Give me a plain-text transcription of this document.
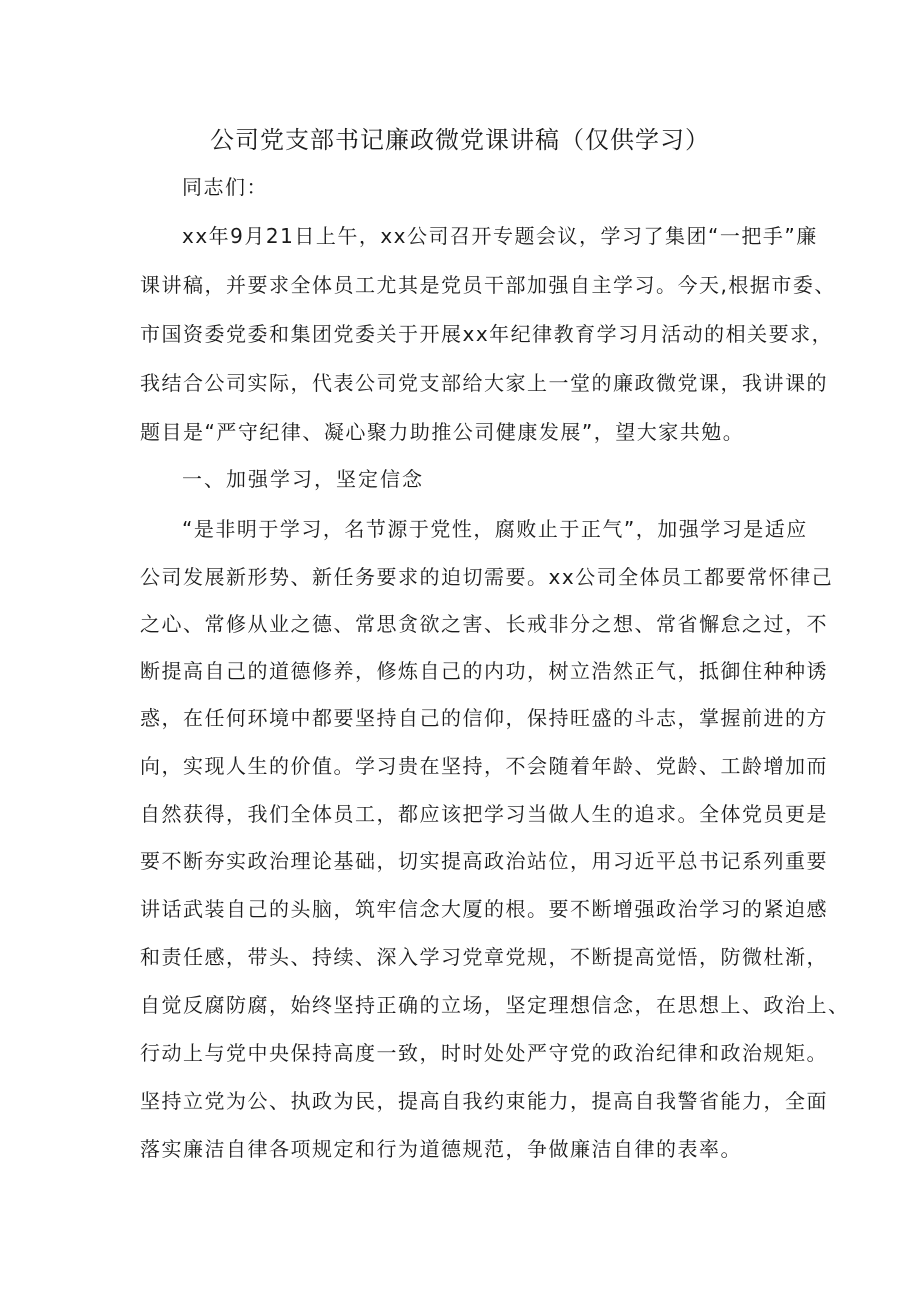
公司党支部书记廉政微党课讲稿（仅供学习）
同志们：
xx年9月21日上午，xx公司召开专题会议，学习了集团“一把手”廉
课讲稿，并要求全体员工尤其是党员干部加强自主学习。今天,根据市委、
市国资委党委和集团党委关于开展xx年纪律教育学习月活动的相关要求，
我结合公司实际，代表公司党支部给大家上一堂的廉政微党课，我讲课的
题目是“严守纪律、凝心聚力助推公司健康发展”，望大家共勉。
一、加强学习，坚定信念
“是非明于学习，名节源于党性，腐败止于正气”，加强学习是适应
公司发展新形势、新任务要求的迫切需要。xx公司全体员工都要常怀律己
之心、常修从业之德、常思贪欲之害、长戒非分之想、常省懈怠之过，不
断提高自己的道德修养，修炼自己的内功，树立浩然正气，抵御住种种诱
惑，在任何环境中都要坚持自己的信仰，保持旺盛的斗志，掌握前进的方
向，实现人生的价值。学习贵在坚持，不会随着年龄、党龄、工龄增加而
自然获得，我们全体员工，都应该把学习当做人生的追求。全体党员更是
要不断夯实政治理论基础，切实提高政治站位，用习近平总书记系列重要
讲话武装自己的头脑，筑牢信念大厦的根。要不断增强政治学习的紧迫感
和责任感，带头、持续、深入学习党章党规，不断提高觉悟，防微杜渐，
自觉反腐防腐，始终坚持正确的立场，坚定理想信念，在思想上、政治上、
行动上与党中央保持高度一致，时时处处严守党的政治纪律和政治规矩。
坚持立党为公、执政为民，提高自我约束能力，提高自我警省能力，全面
落实廉洁自律各项规定和行为道德规范，争做廉洁自律的表率。
